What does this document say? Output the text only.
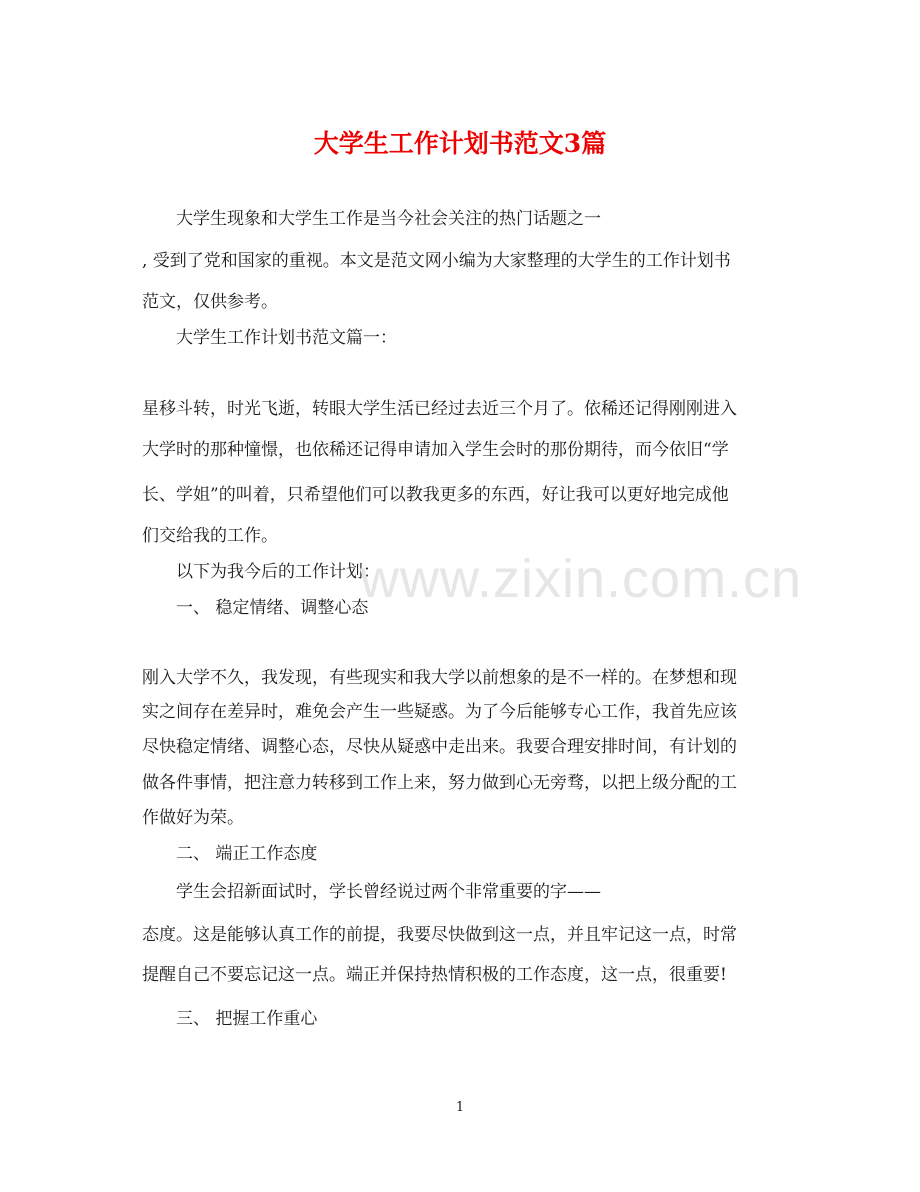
大学生工作计划书范文3篇
大学生现象和大学生工作是当今社会关注的热门话题之一
, 受到了党和国家的重视。本文是范文网小编为大家整理的大学生的工作计划书
范文，仅供参考。
大学生工作计划书范文篇一：
星移斗转，时光飞逝，转眼大学生活已经过去近三个月了。依稀还记得刚刚进入
大学时的那种憧憬，也依稀还记得申请加入学生会时的那份期待，而今依旧“学
长、学姐”的叫着，只希望他们可以教我更多的东西，好让我可以更好地完成他
们交给我的工作。
以下为我今后的工作计划：
一、 稳定情绪、调整心态
刚入大学不久，我发现，有些现实和我大学以前想象的是不一样的。在梦想和现
实之间存在差异时，难免会产生一些疑惑。为了今后能够专心工作，我首先应该
尽快稳定情绪、调整心态，尽快从疑惑中走出来。我要合理安排时间，有计划的
做各件事情，把注意力转移到工作上来，努力做到心无旁骛，以把上级分配的工
作做好为荣。
二、 端正工作态度
学生会招新面试时，学长曾经说过两个非常重要的字——
态度。这是能够认真工作的前提，我要尽快做到这一点，并且牢记这一点，时常
提醒自己不要忘记这一点。端正并保持热情积极的工作态度，这一点，很重要!
三、 把握工作重心
www.zixin.com.cn
1
